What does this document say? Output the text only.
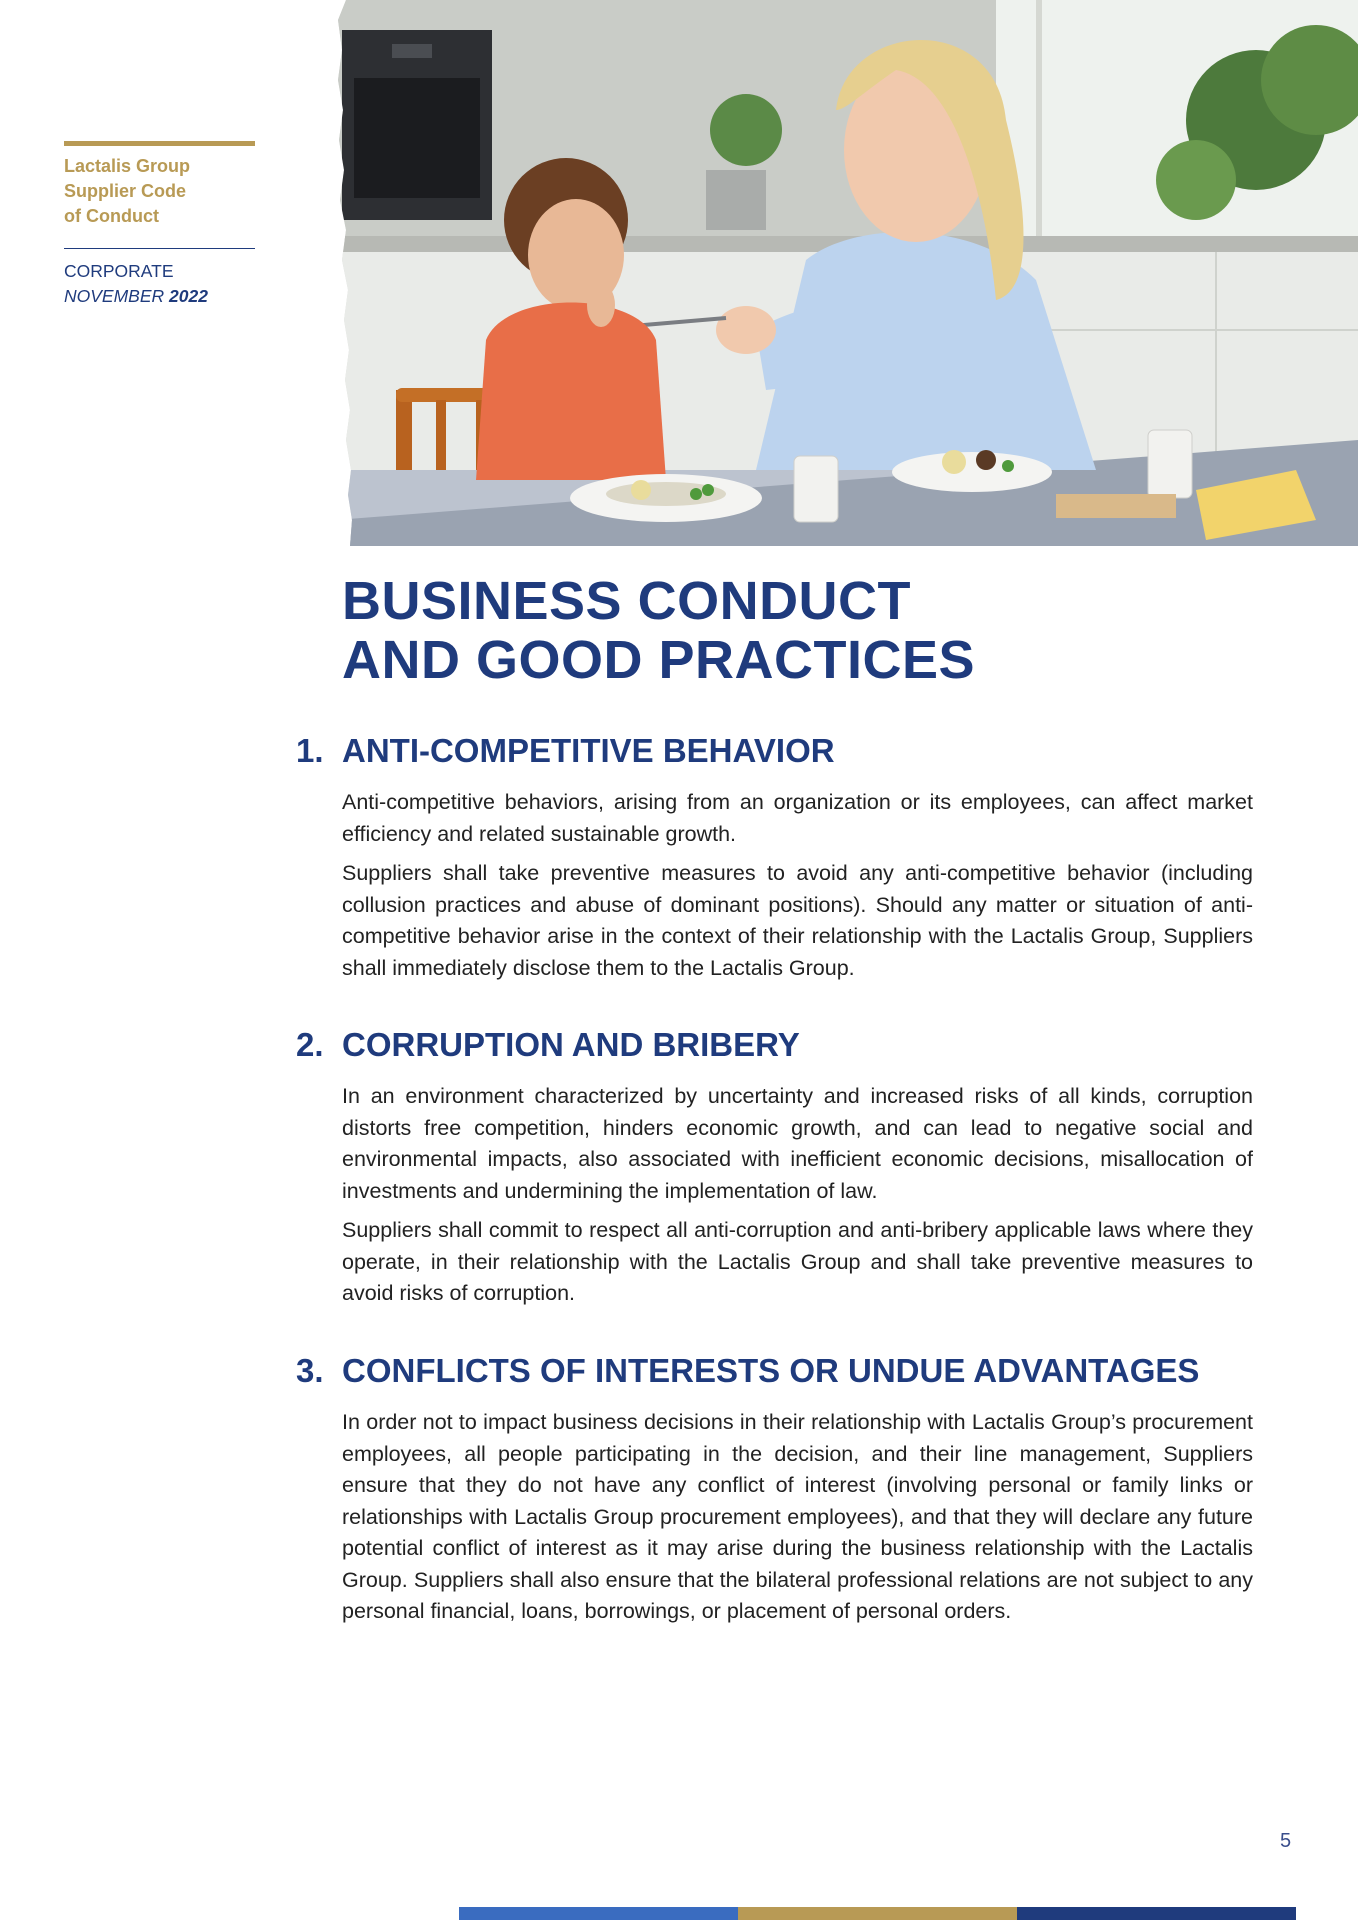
Lactalis Group
Supplier Code
of Conduct
CORPORATE
NOVEMBER 2022
BUSINESS CONDUCT
AND GOOD PRACTICES
1. ANTI-COMPETITIVE BEHAVIOR

Anti-competitive behaviors, arising from an organization or its employees, can affect market efficiency and related sustainable growth.

Suppliers shall take preventive measures to avoid any anti-competitive behavior (including collusion practices and abuse of dominant positions). Should any matter or situation of anti-competitive behavior arise in the context of their relationship with the Lactalis Group, Suppliers shall immediately disclose them to the Lactalis Group.

2. CORRUPTION AND BRIBERY

In an environment characterized by uncertainty and increased risks of all kinds, corruption distorts free competition, hinders economic growth, and can lead to negative social and environmental impacts, also associated with inefficient economic decisions, misallocation of investments and undermining the implementation of law.

Suppliers shall commit to respect all anti-corruption and anti-bribery applicable laws where they operate, in their relationship with the Lactalis Group and shall take preventive measures to avoid risks of corruption.

3. CONFLICTS OF INTERESTS OR UNDUE ADVANTAGES

In order not to impact business decisions in their relationship with Lactalis Group’s procurement employees, all people participating in the decision, and their line management, Suppliers ensure that they do not have any conflict of interest (involving personal or family links or relationships with Lactalis Group procurement employees), and that they will declare any future potential conflict of interest as it may arise during the business relationship with the Lactalis Group. Suppliers shall also ensure that the bilateral professional relations are not subject to any personal financial, loans, borrowings, or placement of personal orders.

5
